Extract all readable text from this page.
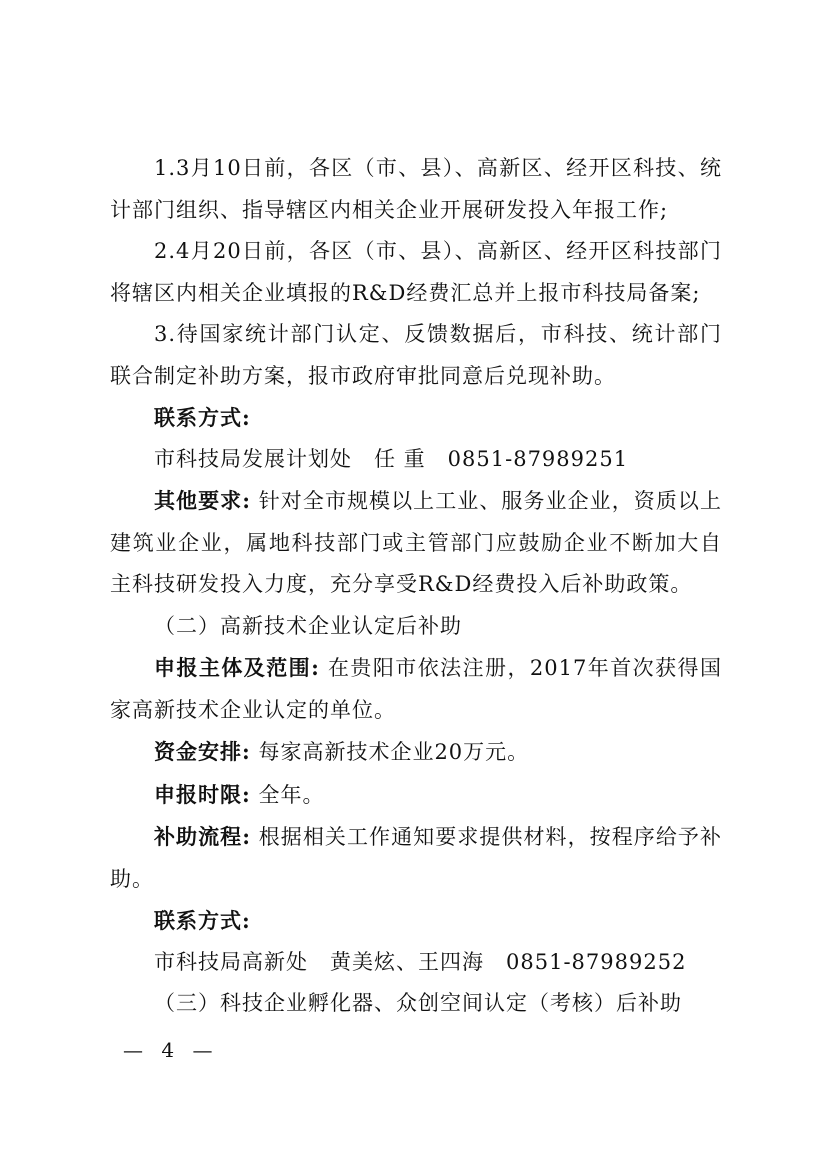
1.3月10日前，各区（市、县）、高新区、经开区科技、统计部门组织、指导辖区内相关企业开展研发投入年报工作;

2.4月20日前，各区（市、县）、高新区、经开区科技部门将辖区内相关企业填报的R&D经费汇总并上报市科技局备案;

3.待国家统计部门认定、反馈数据后，市科技、统计部门联合制定补助方案，报市政府审批同意后兑现补助。

联系方式:

市科技局发展计划处　任 重　0851-87989251

其他要求: 针对全市规模以上工业、服务业企业，资质以上建筑业企业，属地科技部门或主管部门应鼓励企业不断加大自主科技研发投入力度，充分享受R&D经费投入后补助政策。

（二）高新技术企业认定后补助

申报主体及范围: 在贵阳市依法注册，2017年首次获得国家高新技术企业认定的单位。

资金安排: 每家高新技术企业20万元。

申报时限: 全年。

补助流程: 根据相关工作通知要求提供材料，按程序给予补助。

联系方式:

市科技局高新处　黄美炫、王四海　0851-87989252

（三）科技企业孵化器、众创空间认定（考核）后补助

— 4 —
